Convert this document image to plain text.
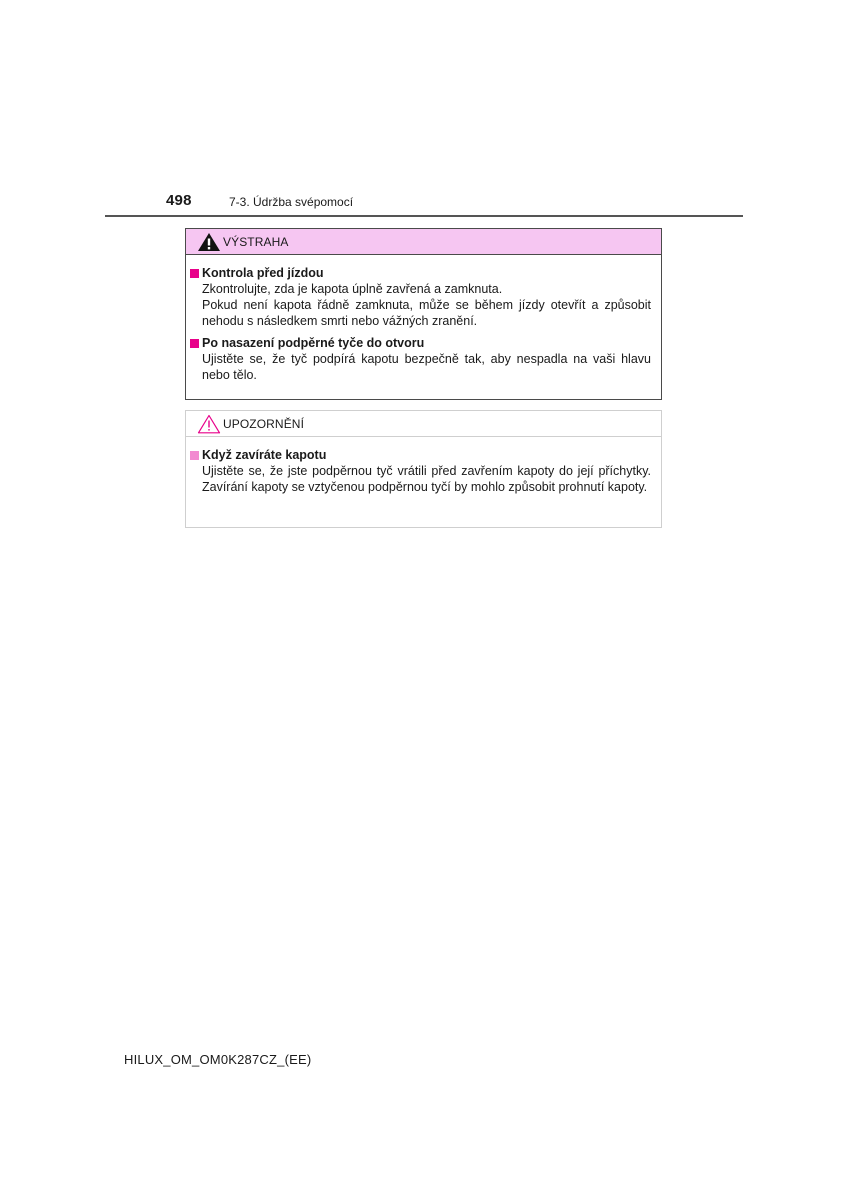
498	7-3. Údržba svépomocí
VÝSTRAHA
Kontrola před jízdou

Zkontrolujte, zda je kapota úplně zavřená a zamknuta.

Pokud není kapota řádně zamknuta, může se během jízdy otevřít a způsobit nehodu s následkem smrti nebo vážných zranění.

Po nasazení podpěrné tyče do otvoru

Ujistěte se, že tyč podpírá kapotu bezpečně tak, aby nespadla na vaši hlavu nebo tělo.

UPOZORNĚNÍ
Když zavíráte kapotu

Ujistěte se, že jste podpěrnou tyč vrátili před zavřením kapoty do její příchytky. Zavírání kapoty se vztyčenou podpěrnou tyčí by mohlo způsobit prohnutí kapoty.

HILUX_OM_OM0K287CZ_(EE)
